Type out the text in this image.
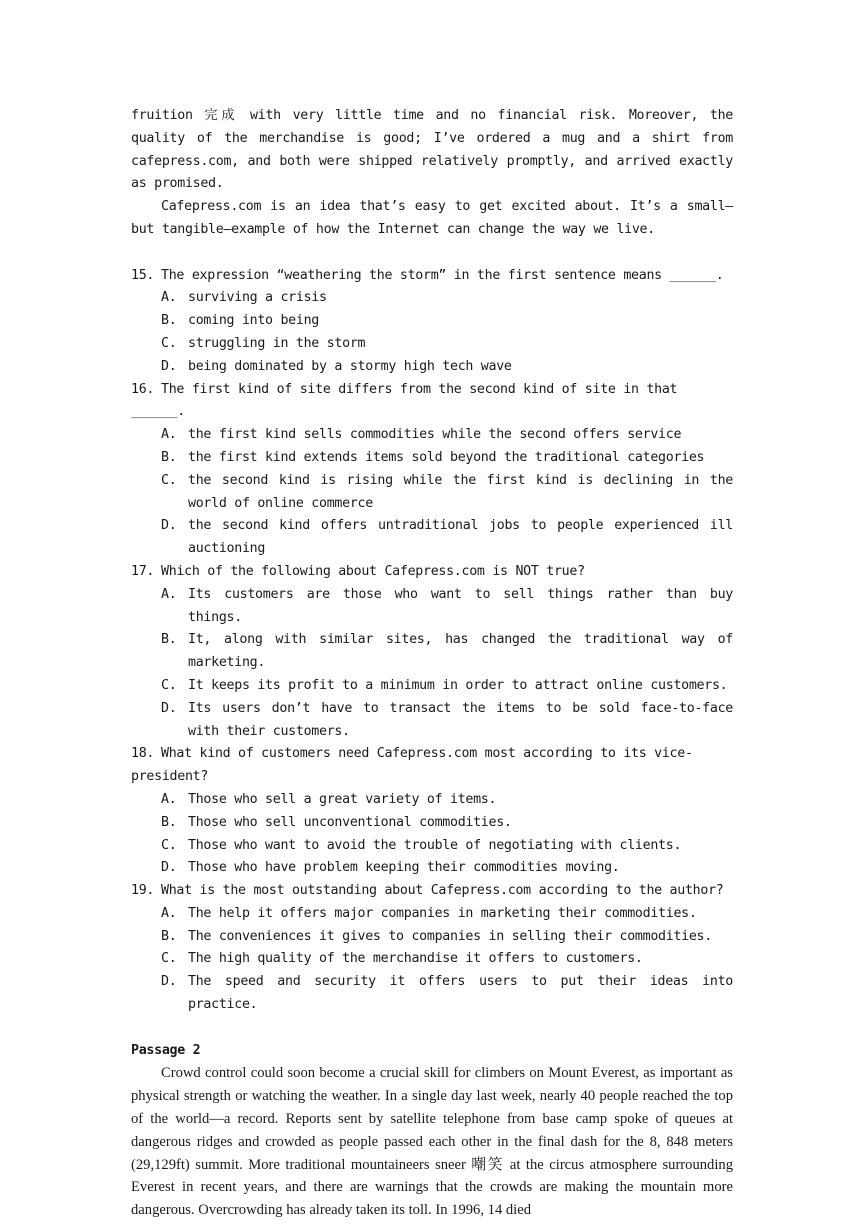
fruition 完成 with very little time and no financial risk. Moreover, the quality of the merchandise is good; I’ve ordered a mug and a shirt from cafepress.com, and both were shipped relatively promptly, and arrived exactly as promised.

Cafepress.com is an idea that’s easy to get excited about. It’s a small—but tangible—example of how the Internet can change the way we live.

15. The expression “weathering the storm” in the first sentence means ______.
A. surviving a crisis
B. coming into being
C. struggling in the storm
D. being dominated by a stormy high tech wave
16. The first kind of site differs from the second kind of site in that ______.
A. the first kind sells commodities while the second offers service
B. the first kind extends items sold beyond the traditional categories
C. the second kind is rising while the first kind is declining in the world of online commerce
D. the second kind offers untraditional jobs to people experienced ill auctioning
17. Which of the following about Cafepress.com is NOT true?
A. Its customers are those who want to sell things rather than buy things.
B. It, along with similar sites, has changed the traditional way of marketing.
C. It keeps its profit to a minimum in order to attract online customers.
D. Its users don’t have to transact the items to be sold face-to-face with their customers.
18. What kind of customers need Cafepress.com most according to its vice-president?
A. Those who sell a great variety of items.
B. Those who sell unconventional commodities.
C. Those who want to avoid the trouble of negotiating with clients.
D. Those who have problem keeping their commodities moving.
19. What is the most outstanding about Cafepress.com according to the author?
A. The help it offers major companies in marketing their commodities.
B. The conveniences it gives to companies in selling their commodities.
C. The high quality of the merchandise it offers to customers.
D. The speed and security it offers users to put their ideas into practice.

Passage 2

Crowd control could soon become a crucial skill for climbers on Mount Everest, as important as physical strength or watching the weather. In a single day last week, nearly 40 people reached the top of the world—a record. Reports sent by satellite telephone from base camp spoke of queues at dangerous ridges and crowded as people passed each other in the final dash for the 8, 848 meters (29,129ft) summit. More traditional mountaineers sneer 嘲笑 at the circus atmosphere surrounding Everest in recent years, and there are warnings that the crowds are making the mountain more dangerous. Overcrowding has already taken its toll. In 1996, 14 died
